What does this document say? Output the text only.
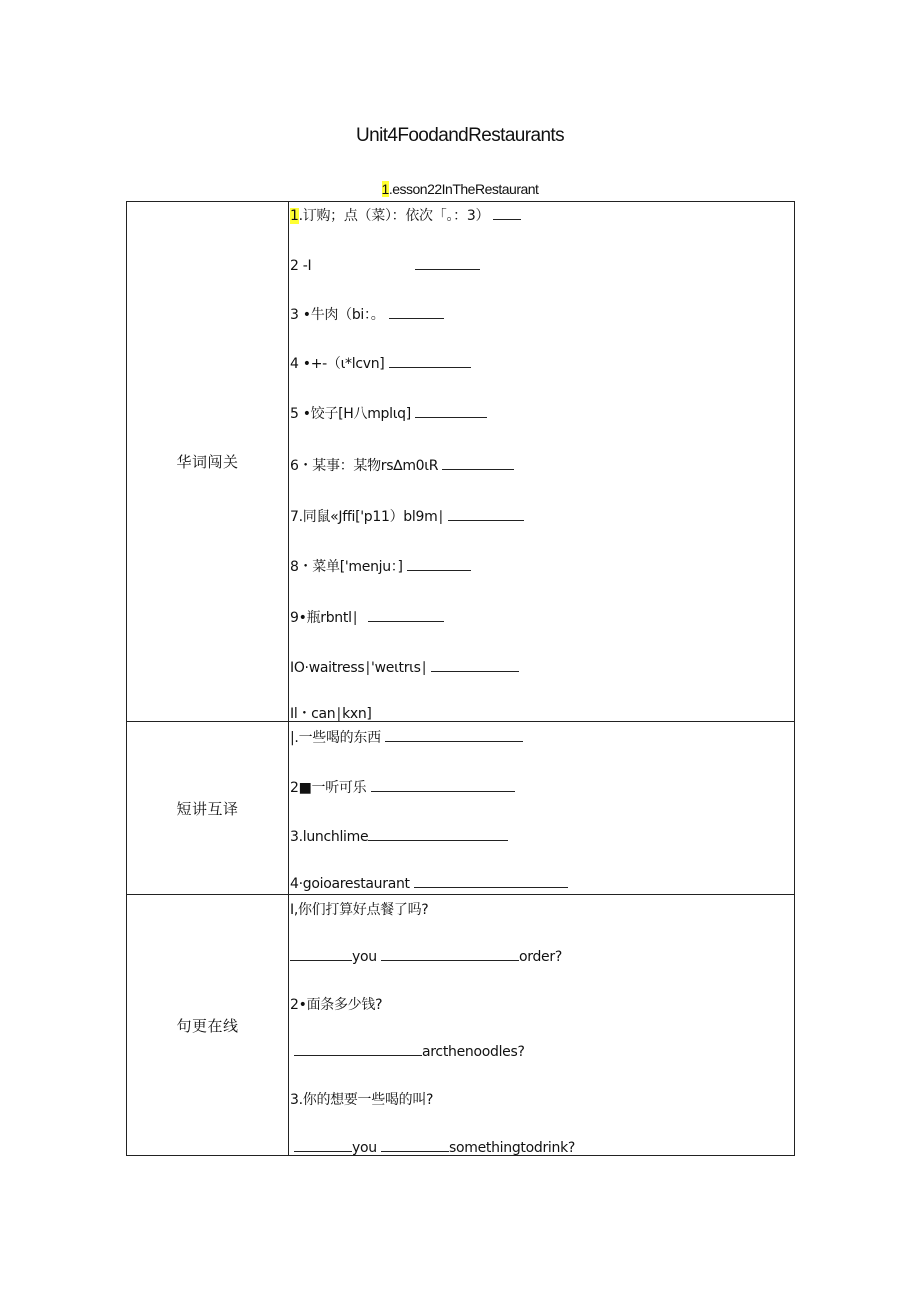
Unit4FoodandRestaurants
1.esson22InTheRestaurant
华词闯关
1.订购；点（菜）：依次「。：3）
2 -I
3 •牛肉（bi：。
4 •+-（ι*lcvn]
5 •饺子[H八mplιq]
6・某事：某物rs∆m0ιR
7.同鼠«Jffi['p11）bl9m∣
8・菜单['menju：]
9•瓶rbntl∣
IO·waitress∣'weιtrιs∣
Il・can∣kxn]
短讲互译
|.一些喝的东西
2■一听可乐
3.lunchlime
4·goioarestaurant
句更在线
I,你们打算好点餐了吗?
you	order?
2•面条多少钱?
arcthenoodles?
3.你的想要一些喝的叫?
you	somethingtodrink?
